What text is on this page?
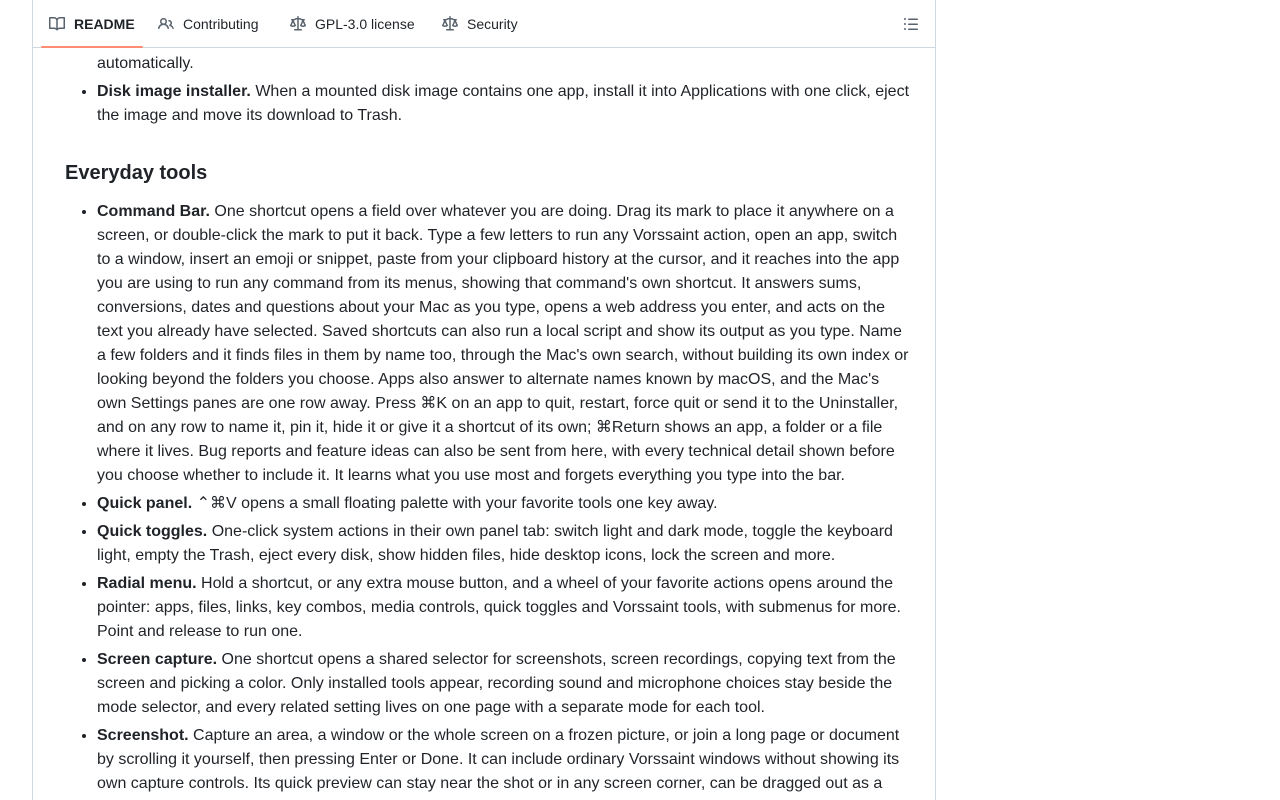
README	Contributing	GPL-3.0 license	Security
• automatically.
• Disk image installer. When a mounted disk image contains one app, install it into Applications with one click, eject the image and move its download to Trash.
Everyday tools
• Command Bar. One shortcut opens a field over whatever you are doing. Drag its mark to place it anywhere on a screen, or double-click the mark to put it back. Type a few letters to run any Vorssaint action, open an app, switch to a window, insert an emoji or snippet, paste from your clipboard history at the cursor, and it reaches into the app you are using to run any command from its menus, showing that command's own shortcut. It answers sums, conversions, dates and questions about your Mac as you type, opens a web address you enter, and acts on the text you already have selected. Saved shortcuts can also run a local script and show its output as you type. Name a few folders and it finds files in them by name too, through the Mac's own search, without building its own index or looking beyond the folders you choose. Apps also answer to alternate names known by macOS, and the Mac's own Settings panes are one row away. Press ⌘K on an app to quit, restart, force quit or send it to the Uninstaller, and on any row to name it, pin it, hide it or give it a shortcut of its own; ⌘Return shows an app, a folder or a file where it lives. Bug reports and feature ideas can also be sent from here, with every technical detail shown before you choose whether to include it. It learns what you use most and forgets everything you type into the bar.
• Quick panel. ⌃⌘V opens a small floating palette with your favorite tools one key away.
• Quick toggles. One-click system actions in their own panel tab: switch light and dark mode, toggle the keyboard light, empty the Trash, eject every disk, show hidden files, hide desktop icons, lock the screen and more.
• Radial menu. Hold a shortcut, or any extra mouse button, and a wheel of your favorite actions opens around the pointer: apps, files, links, key combos, media controls, quick toggles and Vorssaint tools, with submenus for more. Point and release to run one.
• Screen capture. One shortcut opens a shared selector for screenshots, screen recordings, copying text from the screen and picking a color. Only installed tools appear, recording sound and microphone choices stay beside the mode selector, and every related setting lives on one page with a separate mode for each tool.
• Screenshot. Capture an area, a window or the whole screen on a frozen picture, or join a long page or document by scrolling it yourself, then pressing Enter or Done. It can include ordinary Vorssaint windows without showing its own capture controls. Its quick preview can stay near the shot or in any screen corner, can be dragged out as a
